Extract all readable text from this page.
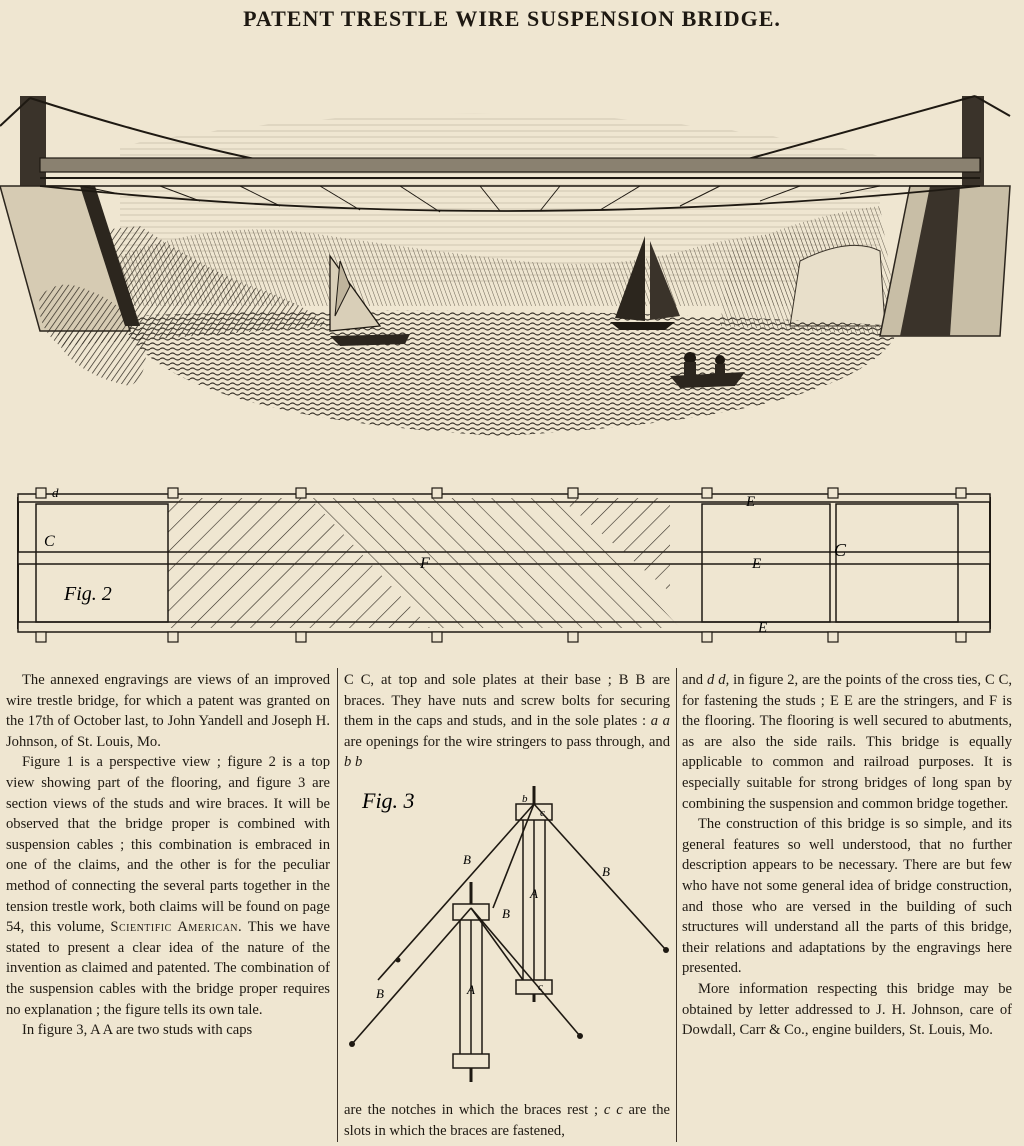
PATENT TRESTLE WIRE SUSPENSION BRIDGE.
C
Fig. 2
F
E
E
E
C
d

The annexed engravings are views of an improved wire trestle bridge, for which a patent was granted on the 17th of October last, to John Yandell and Joseph H. Johnson, of St. Louis, Mo.

Figure 1 is a perspective view ; figure 2 is a top view showing part of the flooring, and figure 3 are section views of the studs and wire braces. It will be observed that the bridge proper is combined with suspension cables ; this combination is embraced in one of the claims, and the other is for the peculiar method of connecting the several parts together in the tension trestle work, both claims will be found on page 54, this volume, Scientific American. This we have stated to present a clear idea of the nature of the invention as claimed and patented. The combination of the suspension cables with the bridge proper requires no explanation ; the figure tells its own tale.

In figure 3, A A are two studs with caps

C C, at top and sole plates at their base ; B B are braces. They have nuts and screw bolts for securing them in the caps and studs, and in the sole plates : a a are openings for the wire stringers to pass through, and b b

are the notches in which the braces rest ; c c are the slots in which the braces are fastened,

Fig. 3
B
B
B
B
A
A
b
c
c

and d d, in figure 2, are the points of the cross ties, C C, for fastening the studs ; E E are the stringers, and F is the flooring. The flooring is well secured to abutments, as are also the side rails. This bridge is equally applicable to common and railroad purposes. It is especially suitable for strong bridges of long span by combining the suspension and common bridge together.

The construction of this bridge is so simple, and its general features so well understood, that no further description appears to be necessary. There are but few who have not some general idea of bridge construction, and those who are versed in the building of such structures will understand all the parts of this bridge, their relations and adaptations by the engravings here presented.

More information respecting this bridge may be obtained by letter addressed to J. H. Johnson, care of Dowdall, Carr & Co., engine builders, St. Louis, Mo.
